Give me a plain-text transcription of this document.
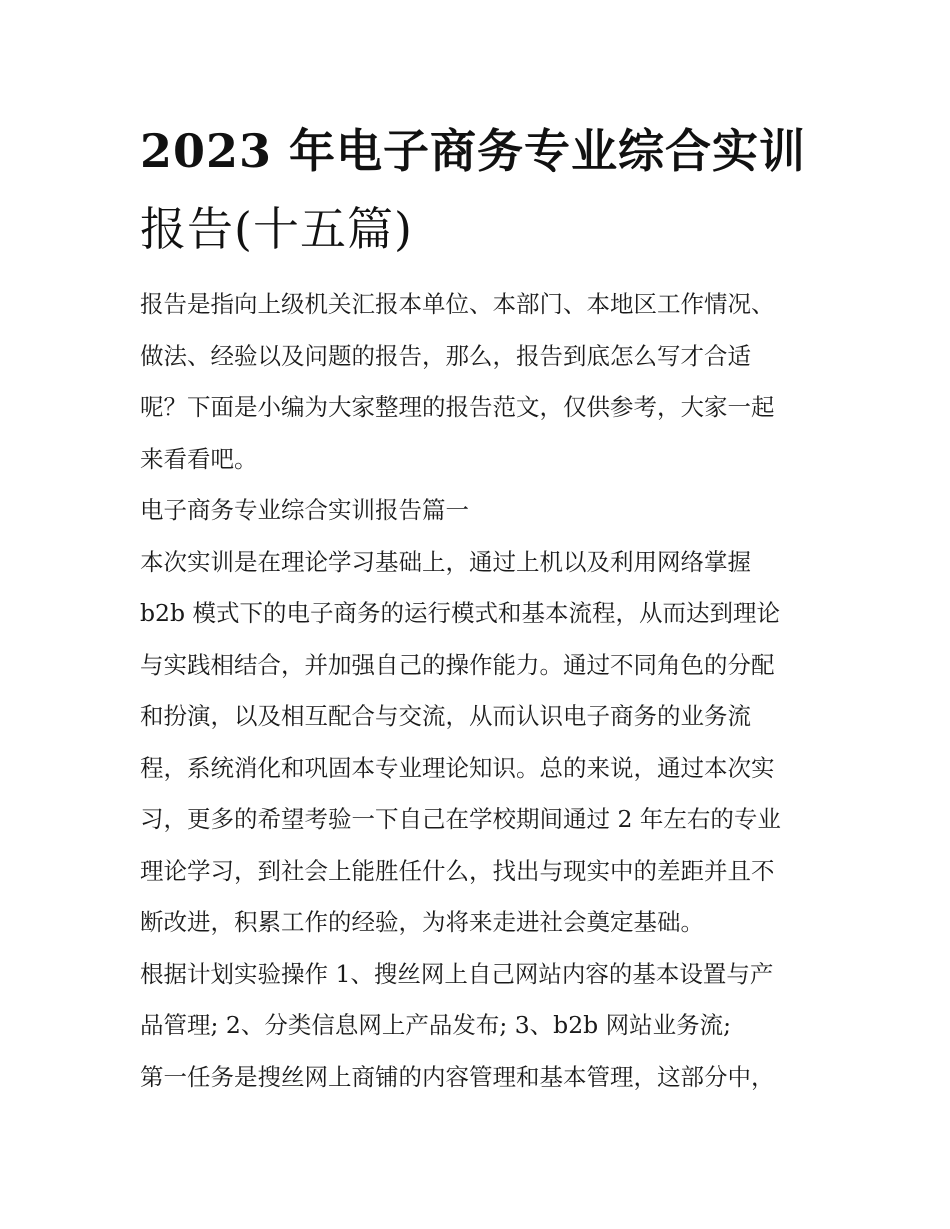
2023 年电子商务专业综合实训
报告(十五篇)
报告是指向上级机关汇报本单位、本部门、本地区工作情况、
做法、经验以及问题的报告，那么，报告到底怎么写才合适
呢？下面是小编为大家整理的报告范文，仅供参考，大家一起
来看看吧。
电子商务专业综合实训报告篇一
本次实训是在理论学习基础上，通过上机以及利用网络掌握
b2b 模式下的电子商务的运行模式和基本流程，从而达到理论
与实践相结合，并加强自己的操作能力。通过不同角色的分配
和扮演，以及相互配合与交流，从而认识电子商务的业务流
程，系统消化和巩固本专业理论知识。总的来说，通过本次实
习，更多的希望考验一下自己在学校期间通过 2 年左右的专业
理论学习，到社会上能胜任什么，找出与现实中的差距并且不
断改进，积累工作的经验，为将来走进社会奠定基础。
根据计划实验操作 1、搜丝网上自己网站内容的基本设置与产
品管理; 2、分类信息网上产品发布; 3、b2b 网站业务流;
第一任务是搜丝网上商铺的内容管理和基本管理，这部分中，
